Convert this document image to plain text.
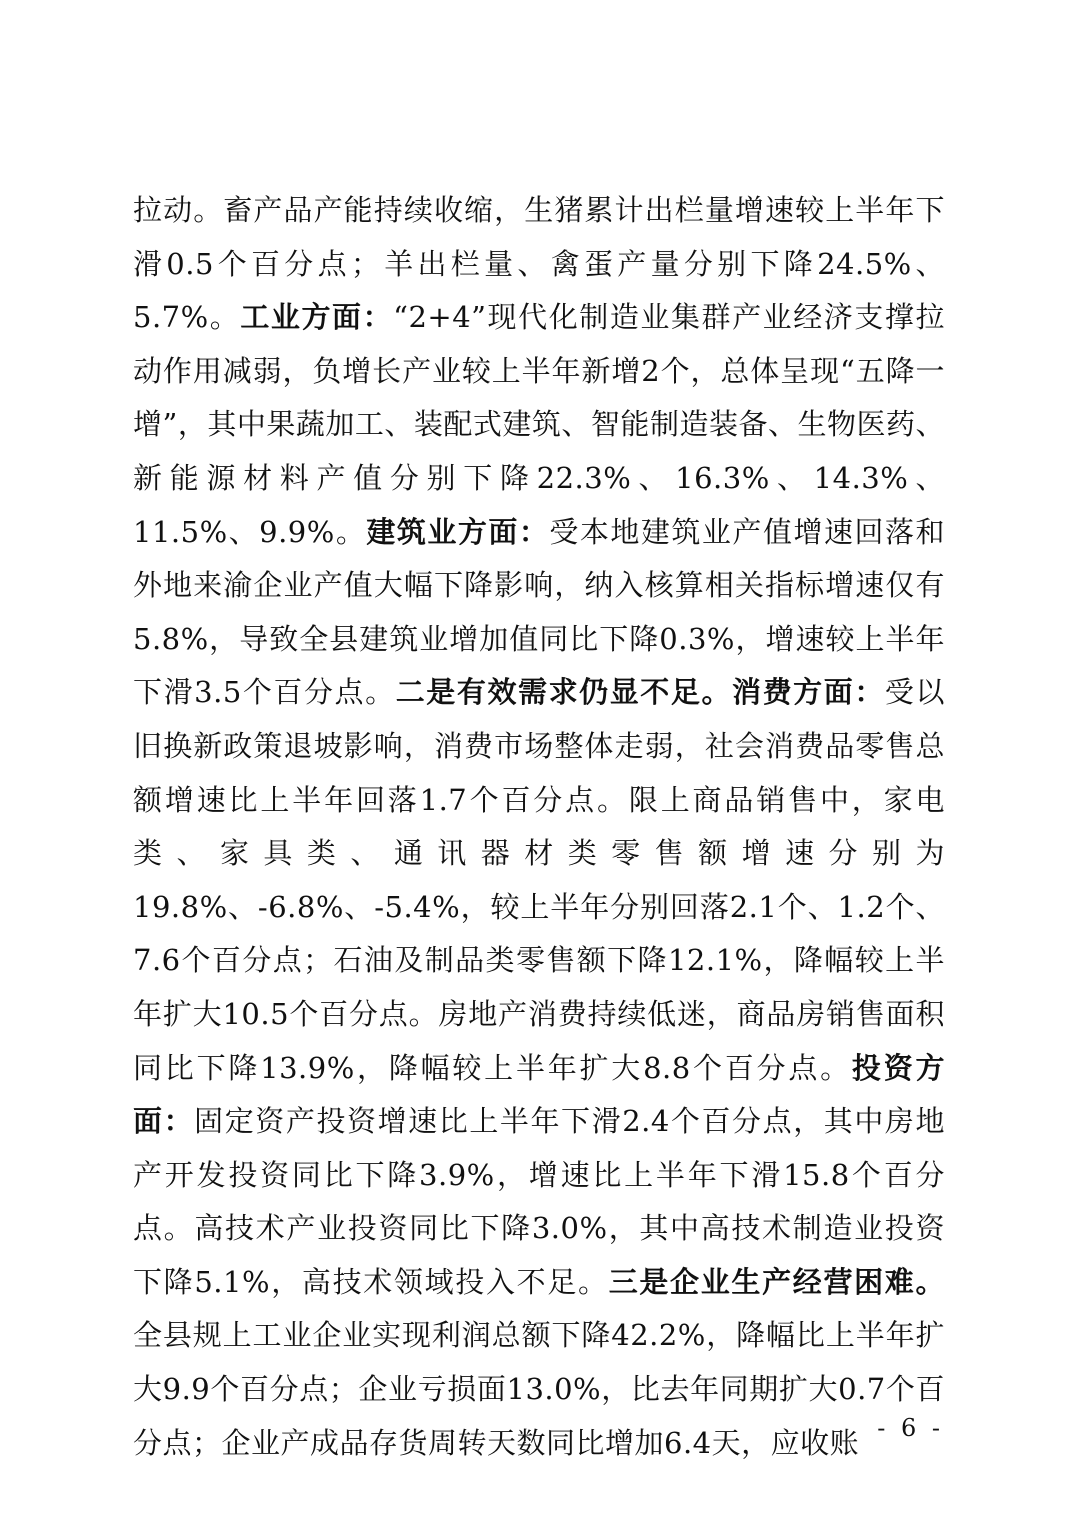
拉动。畜产品产能持续收缩，生猪累计出栏量增速较上半年下滑0.5个百分点；羊出栏量、禽蛋产量分别下降24.5%、5.7%。工业方面：“2+4”现代化制造业集群产业经济支撑拉动作用减弱，负增长产业较上半年新增2个，总体呈现“五降一增”，其中果蔬加工、装配式建筑、智能制造装备、生物医药、新能源材料产值分别下降22.3%、16.3%、14.3%、11.5%、9.9%。建筑业方面：受本地建筑业产值增速回落和外地来渝企业产值大幅下降影响，纳入核算相关指标增速仅有5.8%，导致全县建筑业增加值同比下降0.3%，增速较上半年下滑3.5个百分点。二是有效需求仍显不足。消费方面：受以旧换新政策退坡影响，消费市场整体走弱，社会消费品零售总额增速比上半年回落1.7个百分点。限上商品销售中，家电类、家具类、通讯器材类零售额增速分别为19.8%、-6.8%、-5.4%，较上半年分别回落2.1个、1.2个、7.6个百分点；石油及制品类零售额下降12.1%，降幅较上半年扩大10.5个百分点。房地产消费持续低迷，商品房销售面积同比下降13.9%，降幅较上半年扩大8.8个百分点。投资方面：固定资产投资增速比上半年下滑2.4个百分点，其中房地产开发投资同比下降3.9%，增速比上半年下滑15.8个百分点。高技术产业投资同比下降3.0%，其中高技术制造业投资下降5.1%，高技术领域投入不足。三是企业生产经营困难。全县规上工业企业实现利润总额下降42.2%，降幅比上半年扩大9.9个百分点；企业亏损面13.0%，比去年同期扩大0.7个百分点；企业产成品存货周转天数同比增加6.4天，应收账 - 6 -
